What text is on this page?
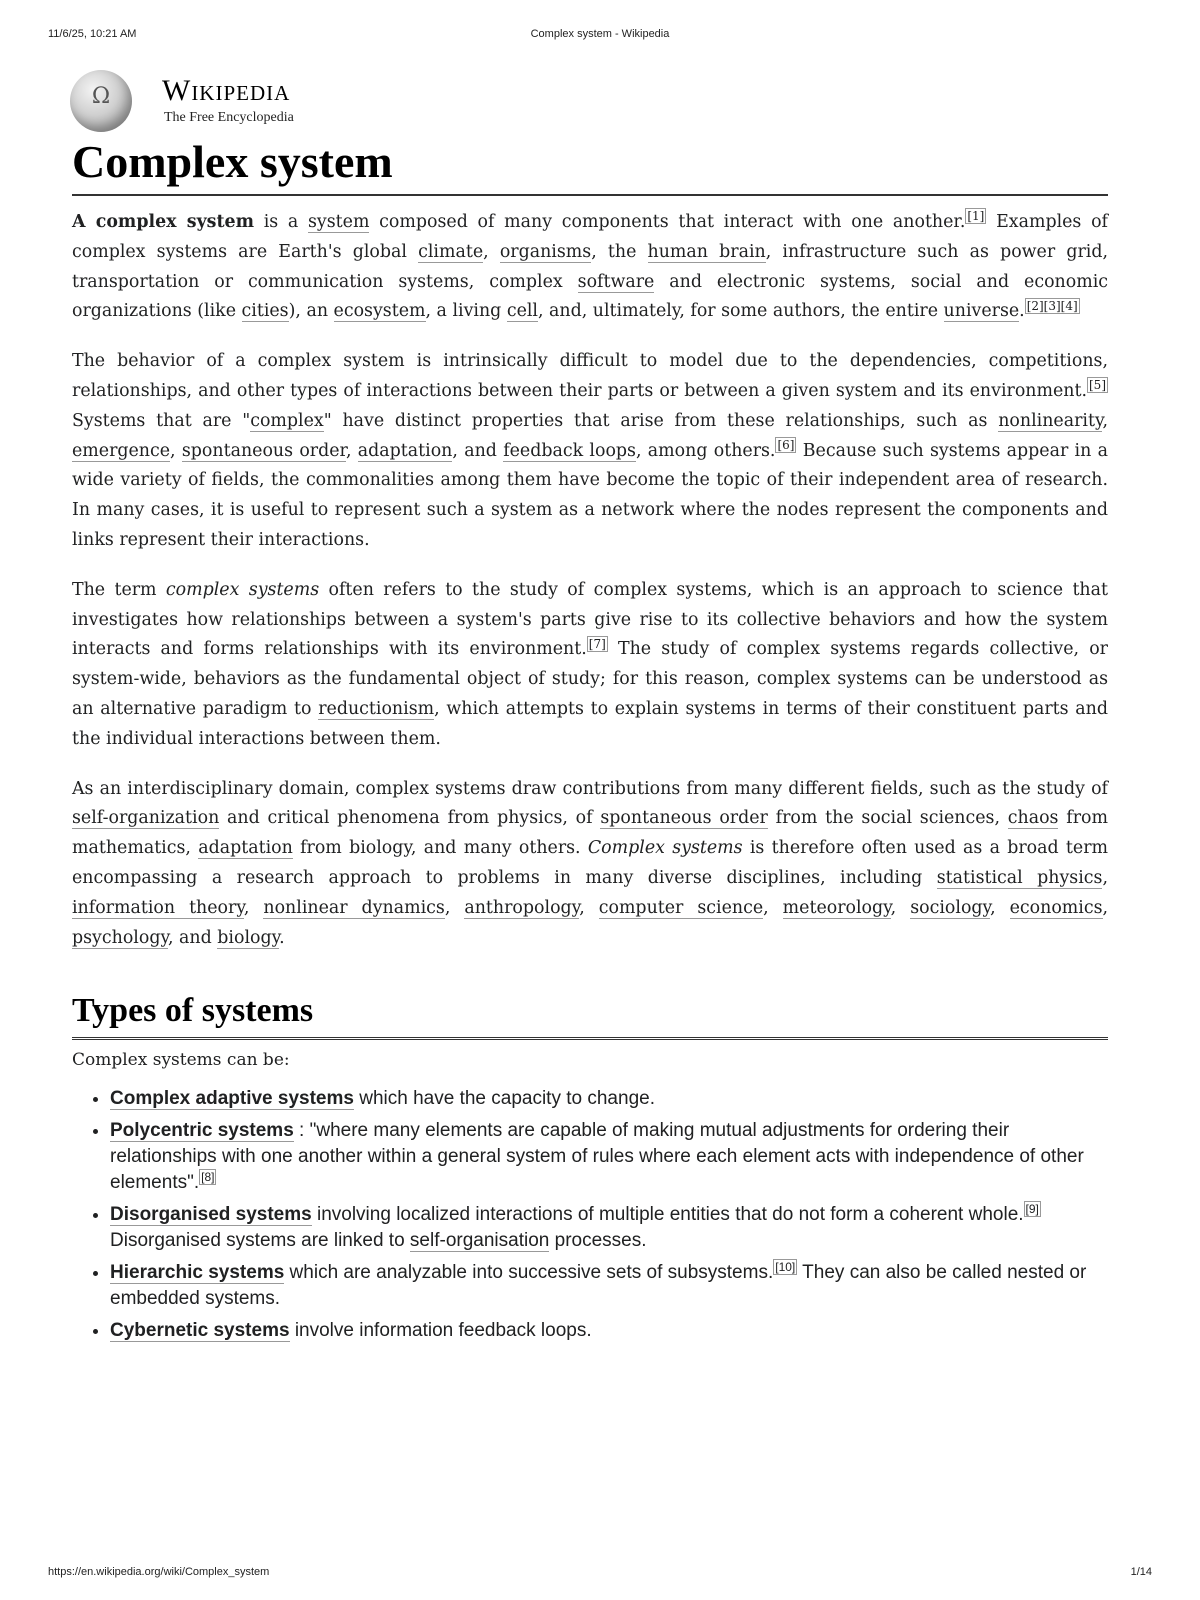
11/6/25, 10:21 AM	Complex system - Wikipedia
Ω	Wikipedia
The Free Encyclopedia
Complex system

A complex system is a system composed of many components that interact with one another. [1] Examples of complex systems are Earth's global climate, organisms, the human brain, infrastructure such as power grid, transportation or communication systems, complex software and electronic systems, social and economic organizations (like cities), an ecosystem, a living cell, and, ultimately, for some authors, the entire universe. [2][3][4]

The behavior of a complex system is intrinsically difficult to model due to the dependencies, competitions, relationships, and other types of interactions between their parts or between a given system and its environment. [5] Systems that are "complex" have distinct properties that arise from these relationships, such as nonlinearity, emergence, spontaneous order, adaptation, and feedback loops, among others. [6] Because such systems appear in a wide variety of fields, the commonalities among them have become the topic of their independent area of research. In many cases, it is useful to represent such a system as a network where the nodes represent the components and links represent their interactions.

The term complex systems often refers to the study of complex systems, which is an approach to science that investigates how relationships between a system's parts give rise to its collective behaviors and how the system interacts and forms relationships with its environment. [7] The study of complex systems regards collective, or system-wide, behaviors as the fundamental object of study; for this reason, complex systems can be understood as an alternative paradigm to reductionism, which attempts to explain systems in terms of their constituent parts and the individual interactions between them.

As an interdisciplinary domain, complex systems draw contributions from many different fields, such as the study of self-organization and critical phenomena from physics, of spontaneous order from the social sciences, chaos from mathematics, adaptation from biology, and many others. Complex systems is therefore often used as a broad term encompassing a research approach to problems in many diverse disciplines, including statistical physics, information theory, nonlinear dynamics, anthropology, computer science, meteorology, sociology, economics, psychology, and biology.

Types of systems
Complex systems can be:
• Complex adaptive systems which have the capacity to change.
• Polycentric systems : "where many elements are capable of making mutual adjustments for ordering their relationships with one another within a general system of rules where each element acts with independence of other elements". [8]
• Disorganised systems involving localized interactions of multiple entities that do not form a coherent whole. [9] Disorganised systems are linked to self-organisation processes.
• Hierarchic systems which are analyzable into successive sets of subsystems. [10] They can also be called nested or embedded systems.
• Cybernetic systems involve information feedback loops.
https://en.wikipedia.org/wiki/Complex_system	1/14
